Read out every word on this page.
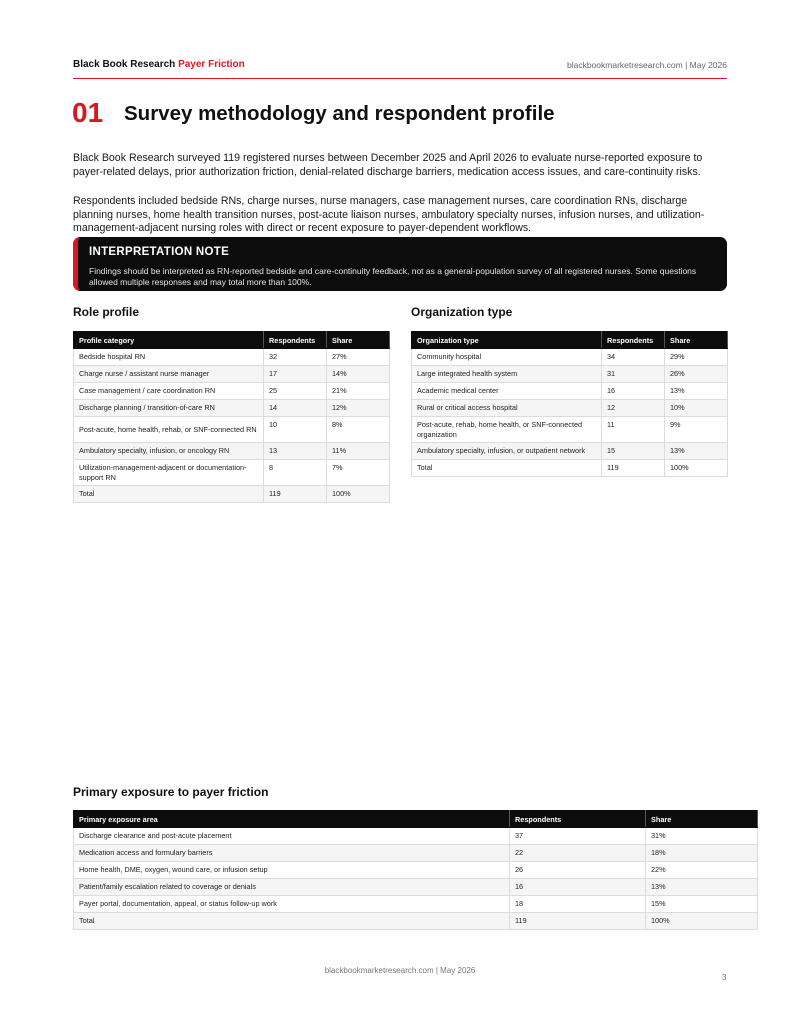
Black Book Research Payer Friction	blackbookmarketresearch.com | May 2026
01 Survey methodology and respondent profile

Black Book Research surveyed 119 registered nurses between December 2025 and April 2026 to evaluate nurse-reported exposure to payer-related delays, prior authorization friction, denial-related discharge barriers, medication access issues, and care-continuity risks.

Respondents included bedside RNs, charge nurses, nurse managers, case management nurses, care coordination RNs, discharge planning nurses, home health transition nurses, post-acute liaison nurses, ambulatory specialty nurses, infusion nurses, and utilization-management-adjacent nursing roles with direct or recent exposure to payer-dependent workflows.

INTERPRETATION NOTE
Findings should be interpreted as RN-reported bedside and care-continuity feedback, not as a general-population survey of all registered nurses. Some questions allowed multiple responses and may total more than 100%.
Role profile
Profile category	Respondents	Share
Bedside hospital RN	32	27%
Charge nurse / assistant nurse manager	17	14%
Case management / care coordination RN	25	21%
Discharge planning / transition-of-care RN	14	12%
Post-acute, home health, rehab, or SNF-connected RN	10	8%
Ambulatory specialty, infusion, or oncology RN	13	11%
Utilization-management-adjacent or documentation-support RN	8	7%
Total	119	100%
Organization type
Organization type	Respondents	Share
Community hospital	34	29%
Large integrated health system	31	26%
Academic medical center	16	13%
Rural or critical access hospital	12	10%
Post-acute, rehab, home health, or SNF-connected organization	11	9%
Ambulatory specialty, infusion, or outpatient network	15	13%
Total	119	100%
Primary exposure to payer friction
Primary exposure area	Respondents	Share
Discharge clearance and post-acute placement	37	31%
Medication access and formulary barriers	22	18%
Home health, DME, oxygen, wound care, or infusion setup	26	22%
Patient/family escalation related to coverage or denials	16	13%
Payer portal, documentation, appeal, or status follow-up work	18	15%
Total	119	100%
blackbookmarketresearch.com | May 2026
3
